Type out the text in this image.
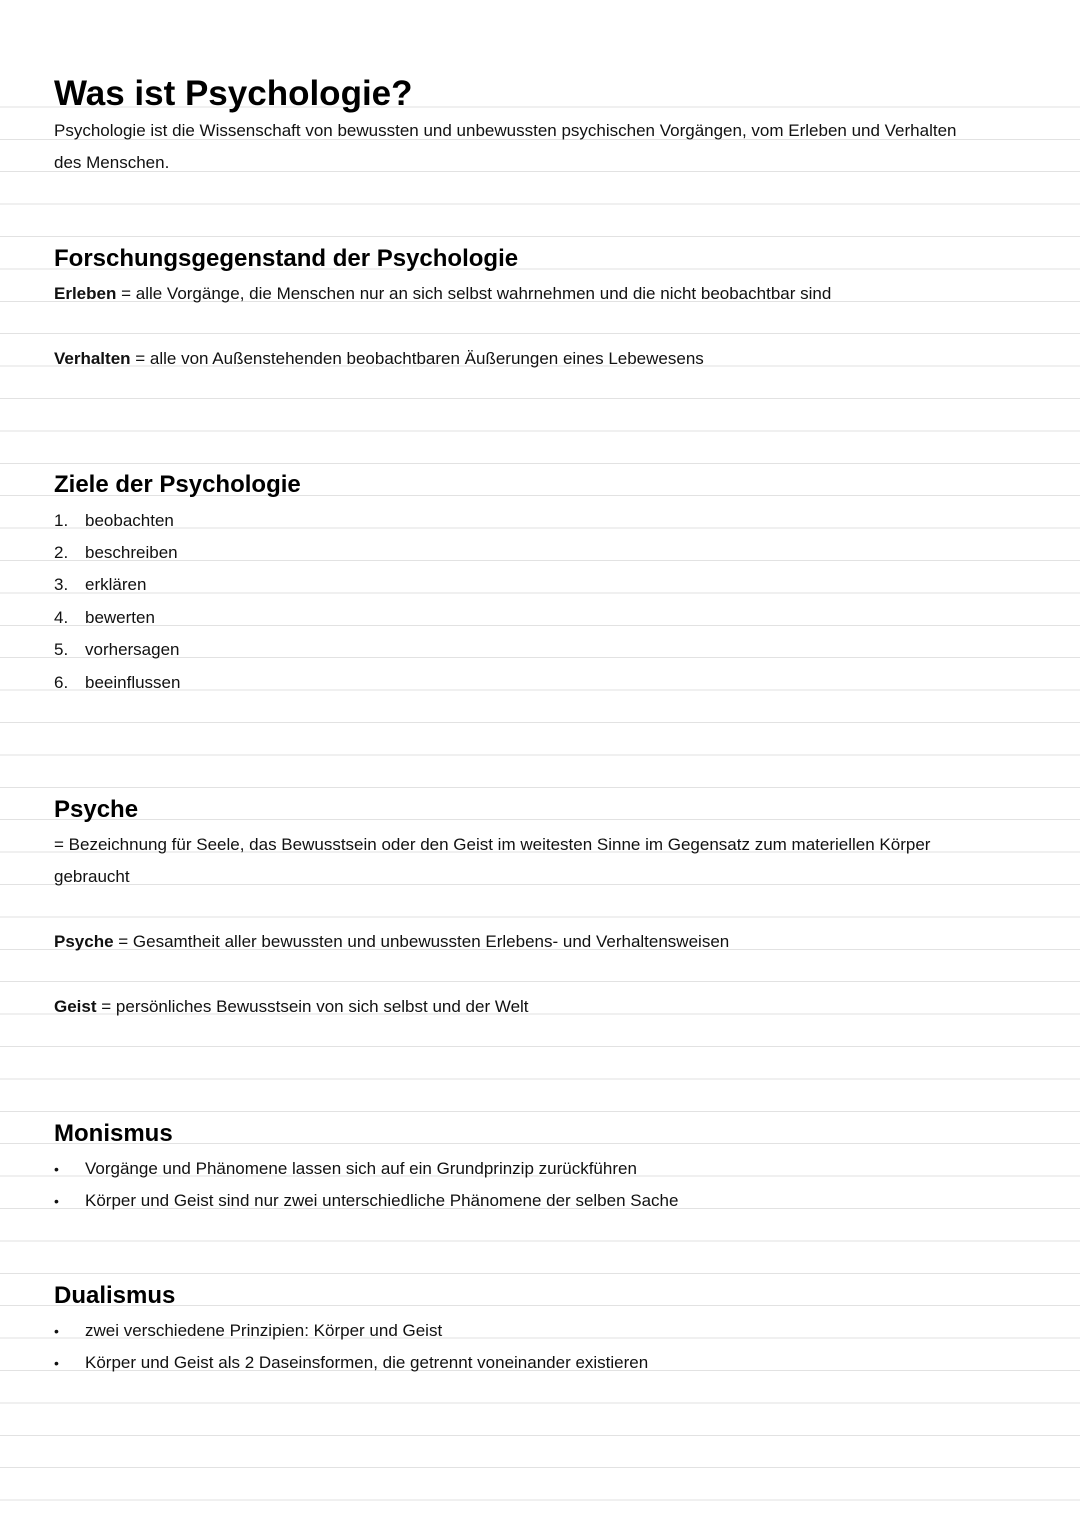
Was ist Psychologie?
Psychologie ist die Wissenschaft von bewussten und unbewussten psychischen Vorgängen, vom Erleben und Verhalten
des Menschen.
Forschungsgegenstand der Psychologie
Erleben = alle Vorgänge, die Menschen nur an sich selbst wahrnehmen und die nicht beobachtbar sind
Verhalten = alle von Außenstehenden beobachtbaren Äußerungen eines Lebewesens
Ziele der Psychologie
1. beobachten
2. beschreiben
3. erklären
4. bewerten
5. vorhersagen
6. beeinflussen
Psyche
= Bezeichnung für Seele, das Bewusstsein oder den Geist im weitesten Sinne im Gegensatz zum materiellen Körper
gebraucht
Psyche = Gesamtheit aller bewussten und unbewussten Erlebens- und Verhaltensweisen
Geist = persönliches Bewusstsein von sich selbst und der Welt
Monismus
•	Vorgänge und Phänomene lassen sich auf ein Grundprinzip zurückführen
•	Körper und Geist sind nur zwei unterschiedliche Phänomene der selben Sache
Dualismus
•	zwei verschiedene Prinzipien: Körper und Geist
•	Körper und Geist als 2 Daseinsformen, die getrennt voneinander existieren
